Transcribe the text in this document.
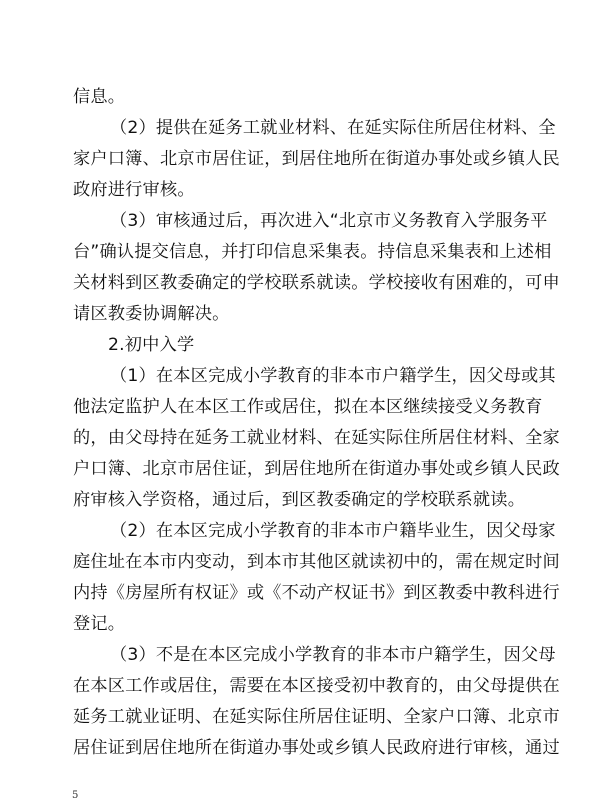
信息。
（2）提供在延务工就业材料、在延实际住所居住材料、全
家户口簿、北京市居住证，到居住地所在街道办事处或乡镇人民
政府进行审核。
（3）审核通过后，再次进入“北京市义务教育入学服务平
台”确认提交信息，并打印信息采集表。持信息采集表和上述相
关材料到区教委确定的学校联系就读。学校接收有困难的，可申
请区教委协调解决。
2.初中入学
（1）在本区完成小学教育的非本市户籍学生，因父母或其
他法定监护人在本区工作或居住，拟在本区继续接受义务教育
的，由父母持在延务工就业材料、在延实际住所居住材料、全家
户口簿、北京市居住证，到居住地所在街道办事处或乡镇人民政
府审核入学资格，通过后，到区教委确定的学校联系就读。
（2）在本区完成小学教育的非本市户籍毕业生，因父母家
庭住址在本市内变动，到本市其他区就读初中的，需在规定时间
内持《房屋所有权证》或《不动产权证书》到区教委中教科进行
登记。
（3）不是在本区完成小学教育的非本市户籍学生，因父母
在本区工作或居住，需要在本区接受初中教育的，由父母提供在
延务工就业证明、在延实际住所居住证明、全家户口簿、北京市
居住证到居住地所在街道办事处或乡镇人民政府进行审核，通过
5
